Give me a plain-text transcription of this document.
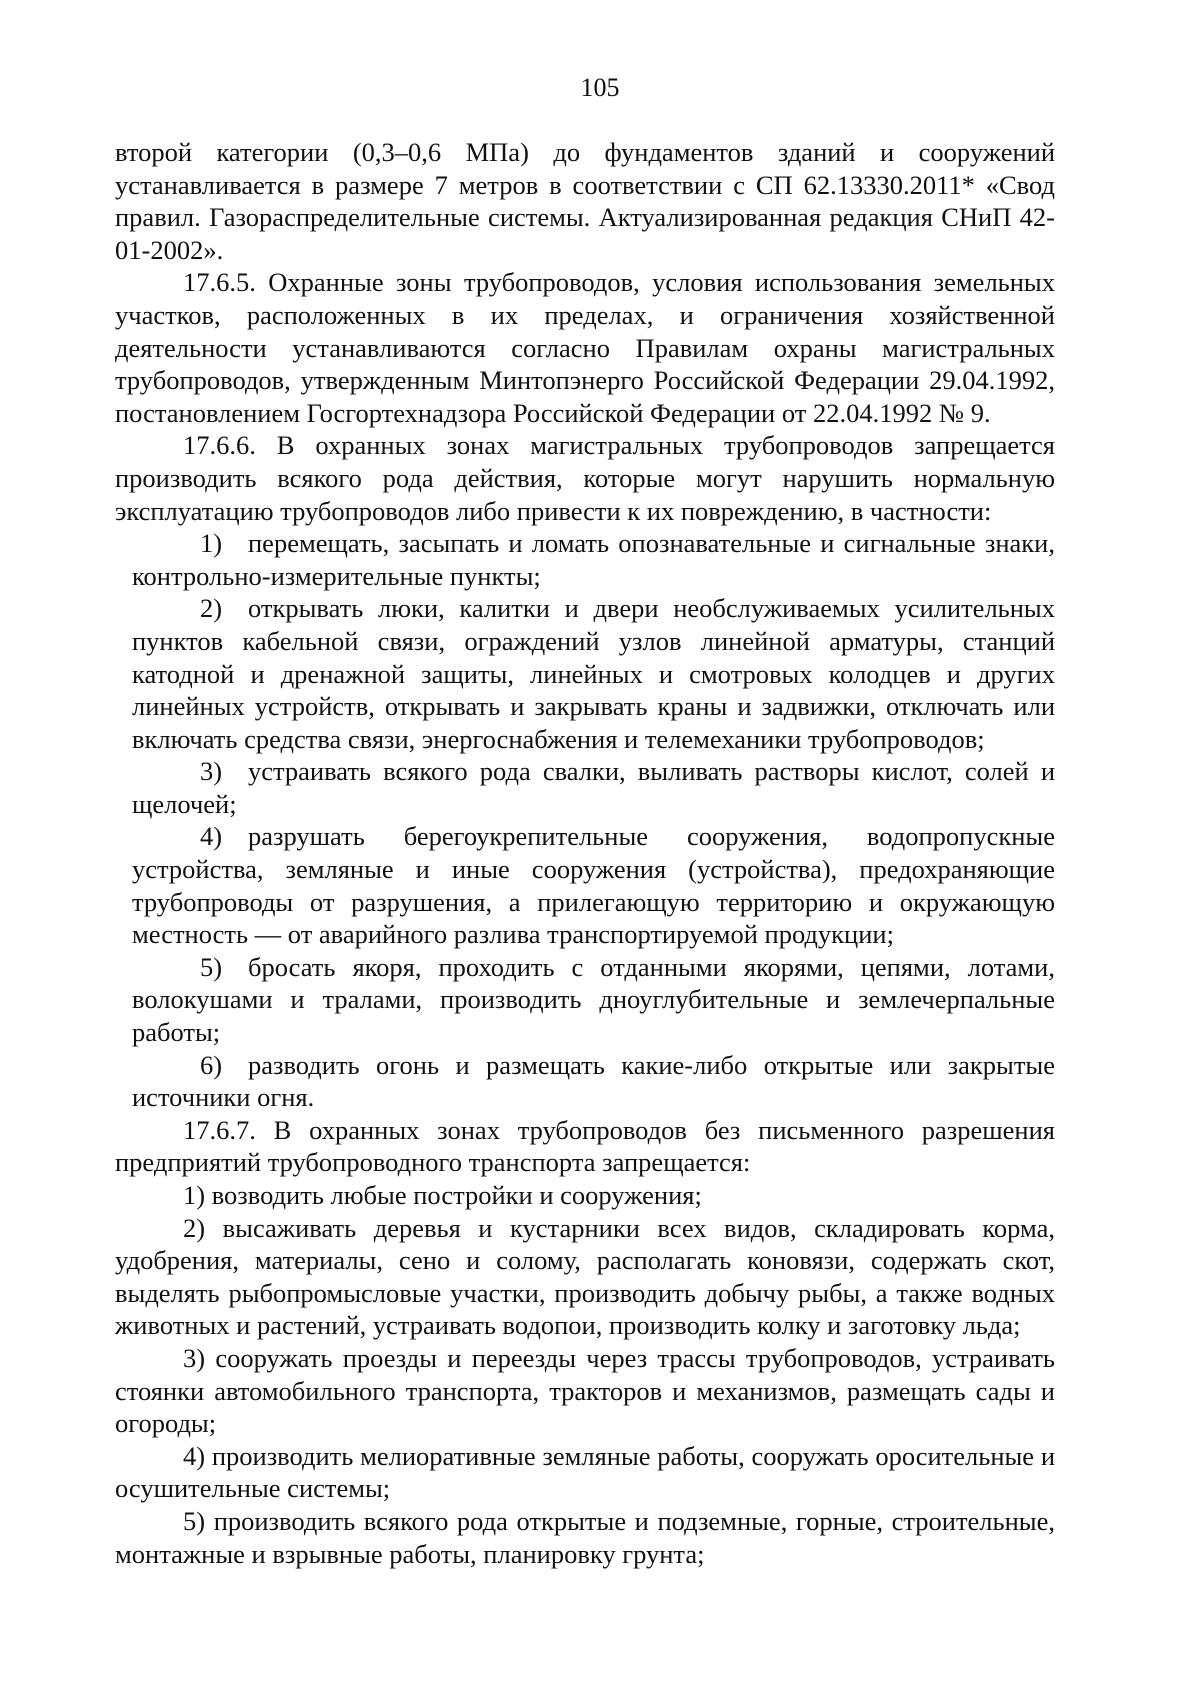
105

второй категории (0,3–0,6 МПа) до фундаментов зданий и сооружений устанавливается в размере 7 метров в соответствии с СП 62.13330.2011* «Свод правил. Газораспределительные системы. Актуализированная редакция СНиП 42-01-2002».

17.6.5. Охранные зоны трубопроводов, условия использования земельных участков, расположенных в их пределах, и ограничения хозяйственной деятельности устанавливаются согласно Правилам охраны магистральных трубопроводов, утвержденным Минтопэнерго Российской Федерации 29.04.1992, постановлением Госгортехнадзора Российской Федерации от 22.04.1992 № 9.

17.6.6. В охранных зонах магистральных трубопроводов запрещается производить всякого рода действия, которые могут нарушить нормальную эксплуатацию трубопроводов либо привести к их повреждению, в частности:

1) перемещать, засыпать и ломать опознавательные и сигнальные знаки, контрольно-измерительные пункты;

2) открывать люки, калитки и двери необслуживаемых усилительных пунктов кабельной связи, ограждений узлов линейной арматуры, станций катодной и дренажной защиты, линейных и смотровых колодцев и других линейных устройств, открывать и закрывать краны и задвижки, отключать или включать средства связи, энергоснабжения и телемеханики трубопроводов;

3) устраивать всякого рода свалки, выливать растворы кислот, солей и щелочей;

4) разрушать берегоукрепительные сооружения, водопропускные устройства, земляные и иные сооружения (устройства), предохраняющие трубопроводы от разрушения, а прилегающую территорию и окружающую местность — от аварийного разлива транспортируемой продукции;

5) бросать якоря, проходить с отданными якорями, цепями, лотами, волокушами и тралами, производить дноуглубительные и землечерпальные работы;

6) разводить огонь и размещать какие-либо открытые или закрытые источники огня.

17.6.7. В охранных зонах трубопроводов без письменного разрешения предприятий трубопроводного транспорта запрещается:

1) возводить любые постройки и сооружения;

2) высаживать деревья и кустарники всех видов, складировать корма, удобрения, материалы, сено и солому, располагать коновязи, содержать скот, выделять рыбопромысловые участки, производить добычу рыбы, а также водных животных и растений, устраивать водопои, производить колку и заготовку льда;

3) сооружать проезды и переезды через трассы трубопроводов, устраивать стоянки автомобильного транспорта, тракторов и механизмов, размещать сады и огороды;

4) производить мелиоративные земляные работы, сооружать оросительные и осушительные системы;

5) производить всякого рода открытые и подземные, горные, строительные, монтажные и взрывные работы, планировку грунта;
